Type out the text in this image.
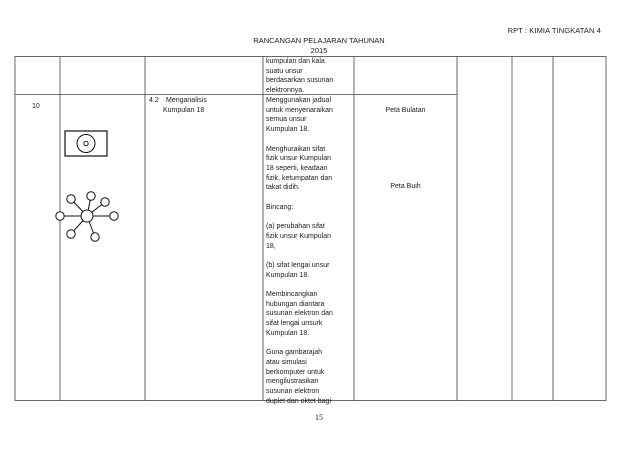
RPT : KIMIA TINGKATAN 4
RANCANGAN PELAJARAN TAHUNAN
2015
10
4.2 Menganalisis
Kumpulan 18
kumpulan dan kala
suatu unsur
berdasarkan susunan
elektronnya.
Menggunakan jadual
untuk menyenaraikan
semua unsur
Kumpulan 18.

Menghuraikan sifat
fizik unsur Kumpulan
18 seperti, keadaan
fizik, ketumpatan dan
takat didih.

Bincang:

(a) perubahan sifat
fizik unsur Kumpulan
18,

(b) sifat lengai unsur
Kumpulan 18.

Membincangkan
hubungan diantara
susunan elektron dan
sifat lengai unsurk
Kumpulan 18.

Guna gambarajah
atau simulasi
berkomputer untuk
mengilustrasikan
susunan elektron
duplet dan oktet bagi
Peta Bulatan
Peta Buih
15
